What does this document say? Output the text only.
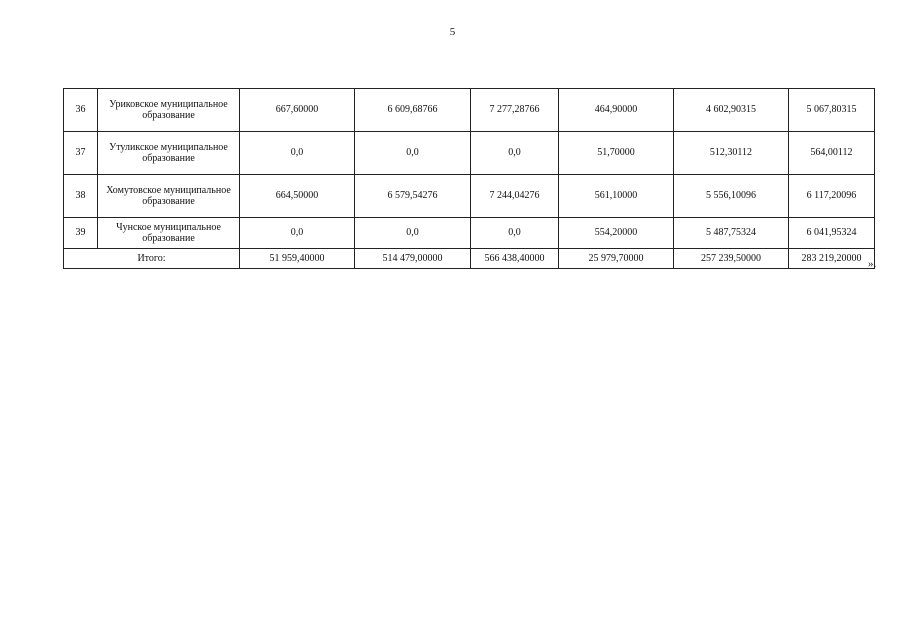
5
36	Уриковское муниципальное образование	667,60000	6 609,68766	7 277,28766	464,90000	4 602,90315	5 067,80315
37	Утуликское муниципальное образование	0,0	0,0	0,0	51,70000	512,30112	564,00112
38	Хомутовское муниципальное образование	664,50000	6 579,54276	7 244,04276	561,10000	5 556,10096	6 117,20096
39	Чунское муниципальное образование	0,0	0,0	0,0	554,20000	5 487,75324	6 041,95324
Итого:		51 959,40000	514 479,00000	566 438,40000	25 979,70000	257 239,50000	283 219,20000 ».
